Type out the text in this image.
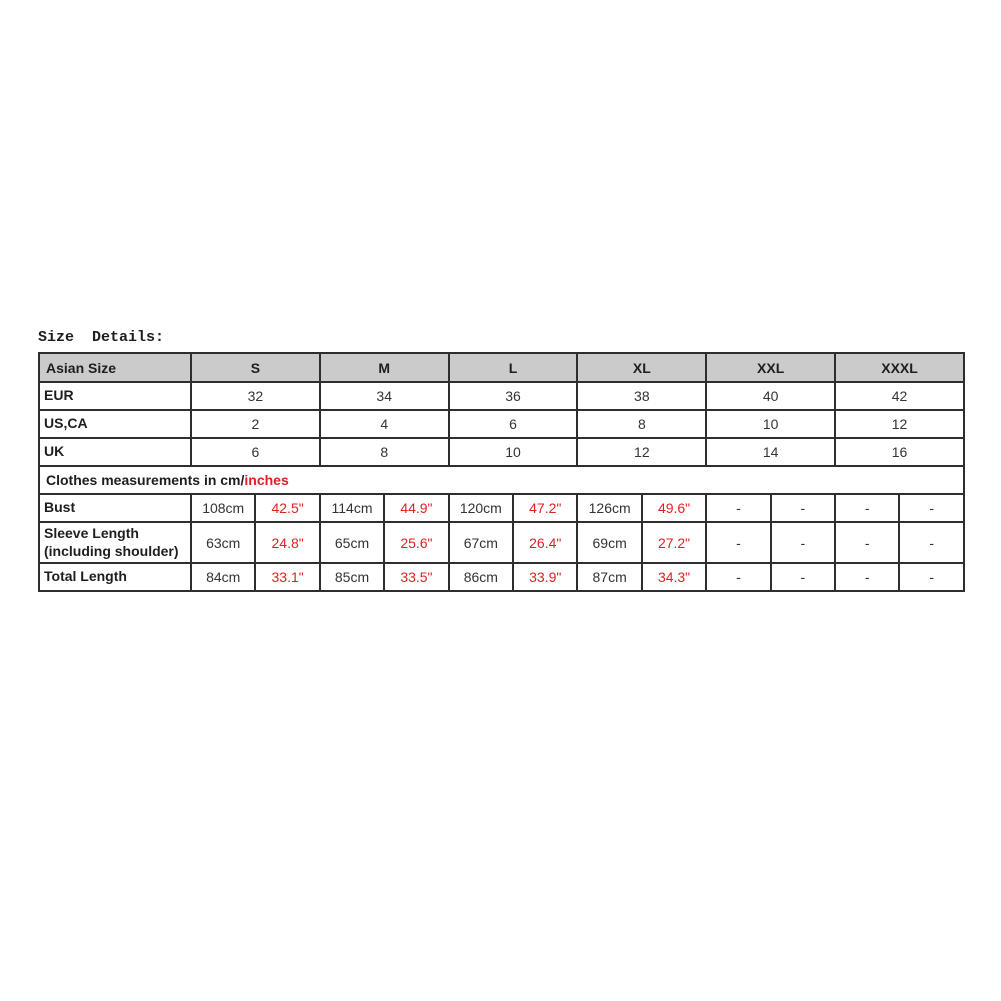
Size  Details:
Asian Size	S		M		L		XL		XXL		XXXL	
EUR	32		34		36		38		40		42	
US,CA	2		4		6		8		10		12	
UK	6		8		10		12		14		16	
Clothes measurements in cm/inches												
Bust	108cm	42.5"	114cm	44.9"	120cm	47.2"	126cm	49.6"	-	-	-	-
Sleeve Length (including shoulder)	63cm	24.8"	65cm	25.6"	67cm	26.4"	69cm	27.2"	-	-	-	-
Total Length	84cm	33.1"	85cm	33.5"	86cm	33.9"	87cm	34.3"	-	-	-	-
